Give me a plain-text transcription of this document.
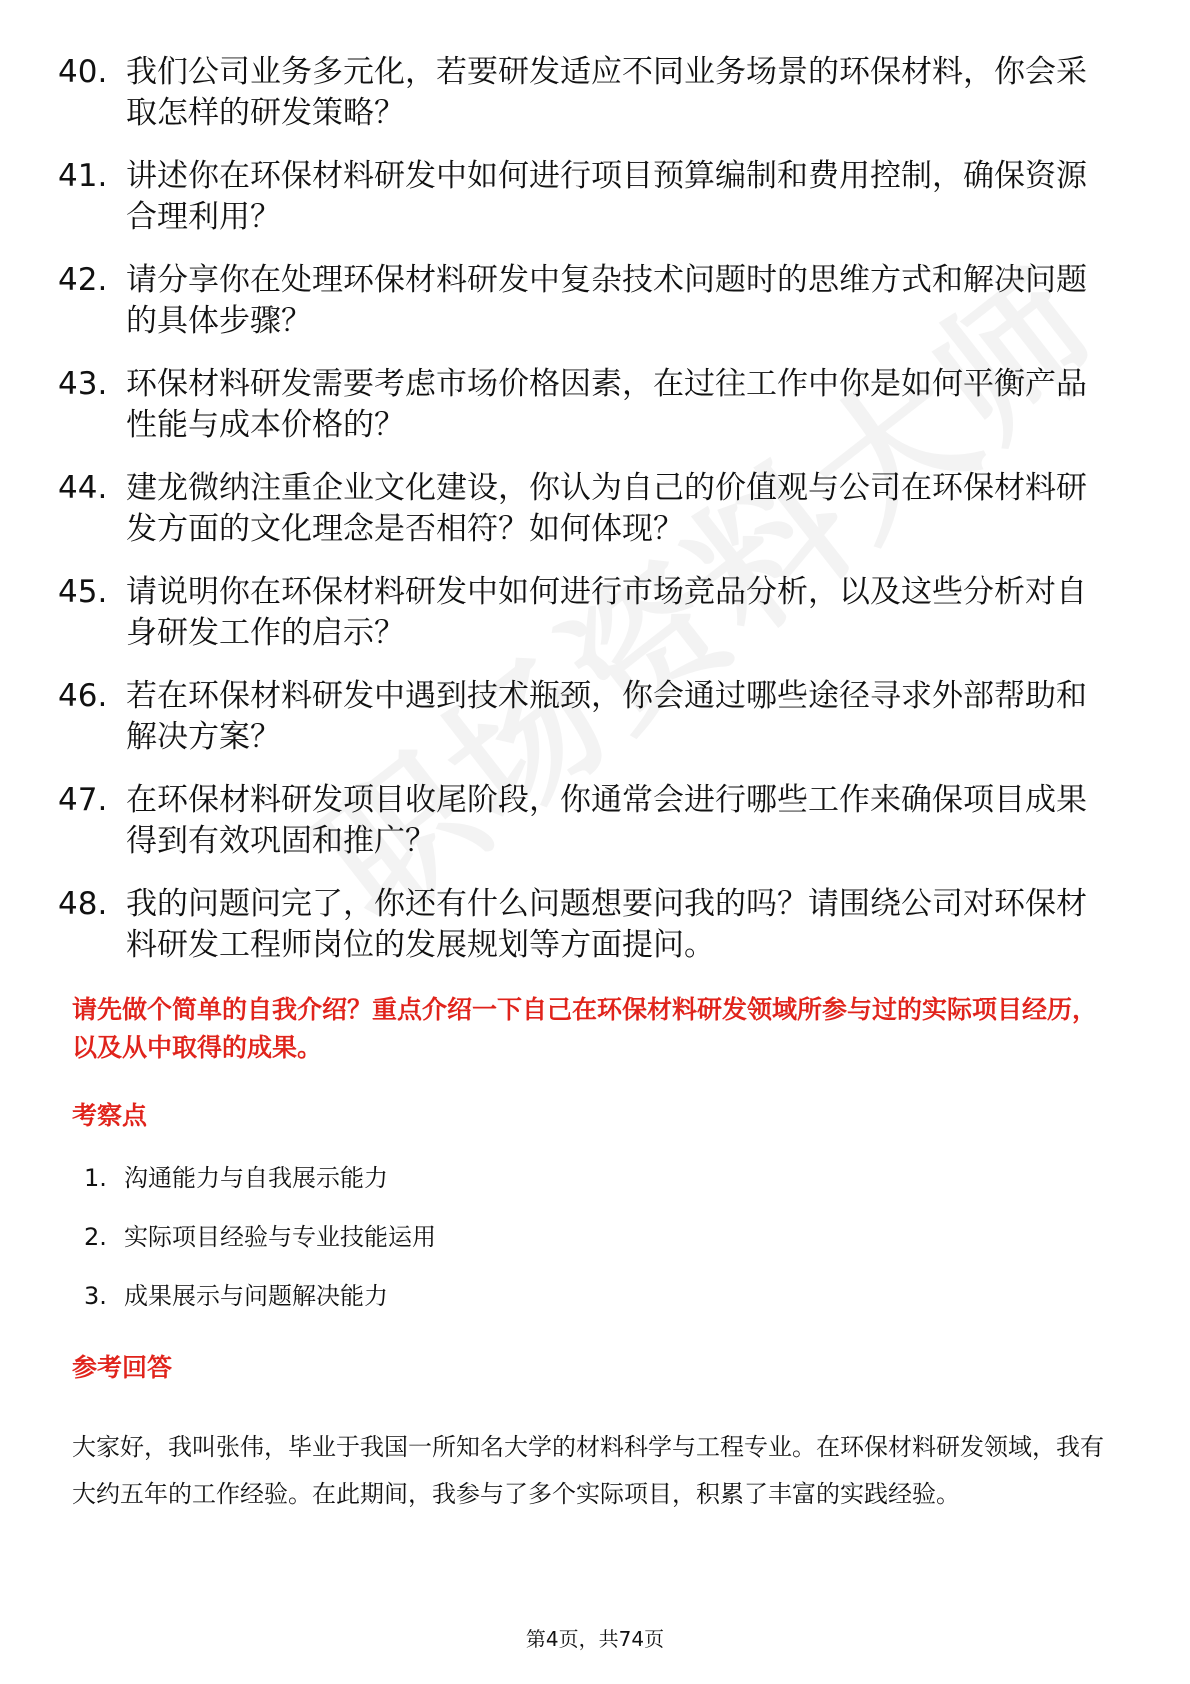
40. 我们公司业务多元化，若要研发适应不同业务场景的环保材料，你会采取怎样的研发策略？
41. 讲述你在环保材料研发中如何进行项目预算编制和费用控制，确保资源合理利用？
42. 请分享你在处理环保材料研发中复杂技术问题时的思维方式和解决问题的具体步骤？
43. 环保材料研发需要考虑市场价格因素，在过往工作中你是如何平衡产品性能与成本价格的？
44. 建龙微纳注重企业文化建设，你认为自己的价值观与公司在环保材料研发方面的文化理念是否相符？如何体现？
45. 请说明你在环保材料研发中如何进行市场竞品分析，以及这些分析对自身研发工作的启示？
46. 若在环保材料研发中遇到技术瓶颈，你会通过哪些途径寻求外部帮助和解决方案？
47. 在环保材料研发项目收尾阶段，你通常会进行哪些工作来确保项目成果得到有效巩固和推广？
48. 我的问题问完了，你还有什么问题想要问我的吗？请围绕公司对环保材料研发工程师岗位的发展规划等方面提问。
请先做个简单的自我介绍？重点介绍一下自己在环保材料研发领域所参与过的实际项目经历，以及从中取得的成果。
考察点
1. 沟通能力与自我展示能力
2. 实际项目经验与专业技能运用
3. 成果展示与问题解决能力
参考回答
大家好，我叫张伟，毕业于我国一所知名大学的材料科学与工程专业。在环保材料研发领域，我有大约五年的工作经验。在此期间，我参与了多个实际项目，积累了丰富的实践经验。
第4页，共74页
